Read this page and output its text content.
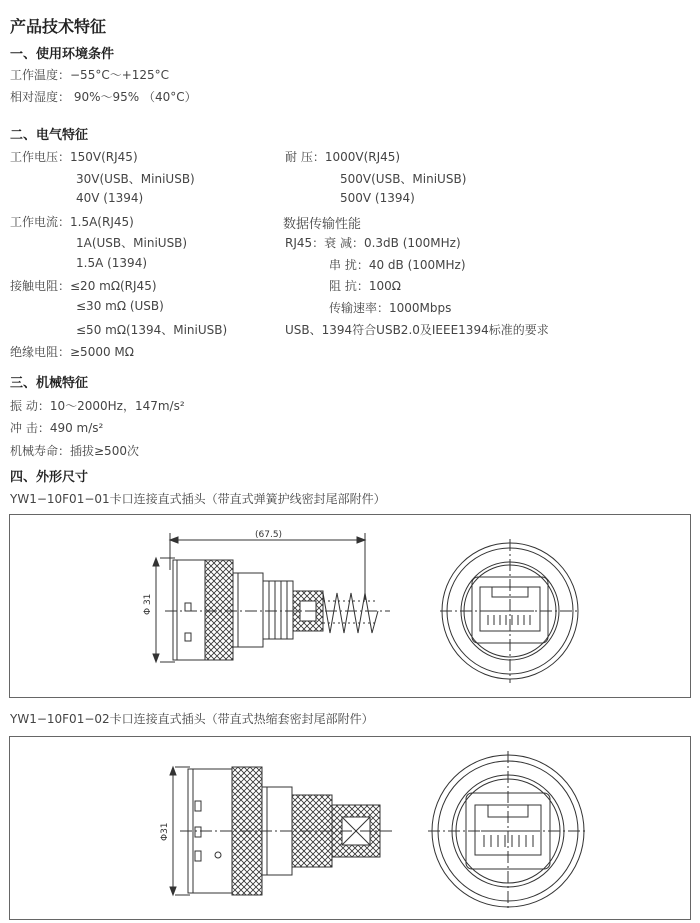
产品技术特征
一、使用环境条件
工作温度：−55°C～+125°C
相对湿度： 90%～95% （40°C）
二、电气特征
工作电压：150V(RJ45)
30V(USB、MiniUSB)
40V (1394)
工作电流：1.5A(RJ45)
1A(USB、MiniUSB)
1.5A (1394)
接触电阻：≤20 mΩ(RJ45)
≤30 mΩ (USB)
≤50 mΩ(1394、MiniUSB)
绝缘电阻：≥5000 MΩ
耐 压：1000V(RJ45)
500V(USB、MiniUSB)
500V (1394)
数据传输性能
RJ45：衰 减：0.3dB (100MHz)
串 扰：40 dB (100MHz)
阻 抗：100Ω
传输速率：1000Mbps
USB、1394符合USB2.0及IEEE1394标准的要求
三、机械特征
振 动：10～2000Hz，147m/s²
冲 击：490 m/s²
机械寿命：插拔≥500次
四、外形尺寸
YW1−10F01−01卡口连接直式插头（带直式弹簧护线密封尾部附件）
(67.5)
Φ 31
YW1−10F01−02卡口连接直式插头（带直式热缩套密封尾部附件）
Φ31
